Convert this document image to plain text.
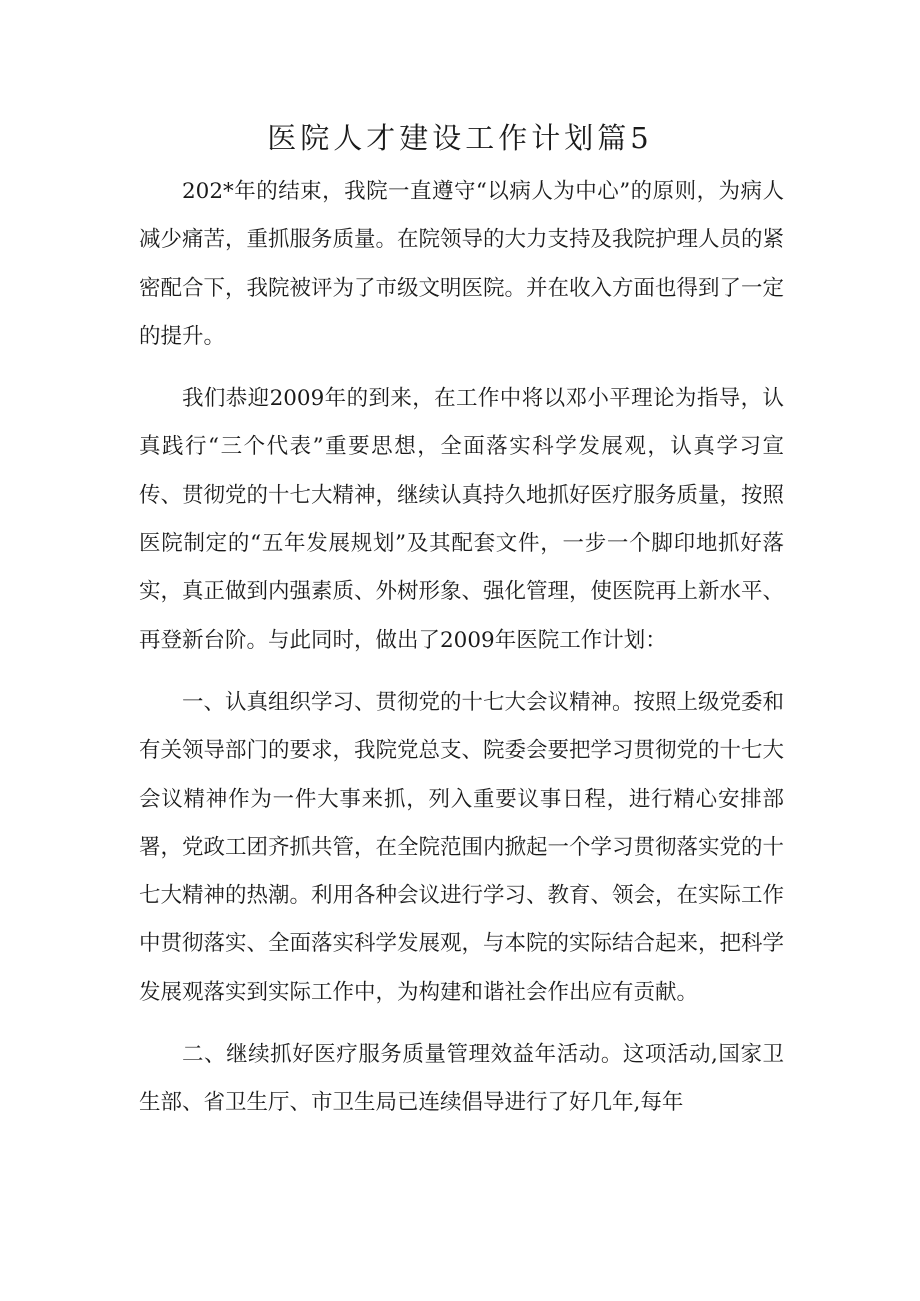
医院人才建设工作计划篇5

202*年的结束，我院一直遵守“以病人为中心”的原则，为病人减少痛苦，重抓服务质量。在院领导的大力支持及我院护理人员的紧密配合下，我院被评为了市级文明医院。并在收入方面也得到了一定的提升。

我们恭迎2009年的到来，在工作中将以邓小平理论为指导，认真践行“三个代表”重要思想，全面落实科学发展观，认真学习宣传、贯彻党的十七大精神，继续认真持久地抓好医疗服务质量，按照医院制定的“五年发展规划”及其配套文件，一步一个脚印地抓好落实，真正做到内强素质、外树形象、强化管理，使医院再上新水平、再登新台阶。与此同时，做出了2009年医院工作计划：

一、认真组织学习、贯彻党的十七大会议精神。按照上级党委和有关领导部门的要求，我院党总支、院委会要把学习贯彻党的十七大会议精神作为一件大事来抓，列入重要议事日程，进行精心安排部署，党政工团齐抓共管，在全院范围内掀起一个学习贯彻落实党的十七大精神的热潮。利用各种会议进行学习、教育、领会，在实际工作中贯彻落实、全面落实科学发展观，与本院的实际结合起来，把科学发展观落实到实际工作中，为构建和谐社会作出应有贡献。

二、继续抓好医疗服务质量管理效益年活动。这项活动,国家卫生部、省卫生厅、市卫生局已连续倡导进行了好几年,每年
